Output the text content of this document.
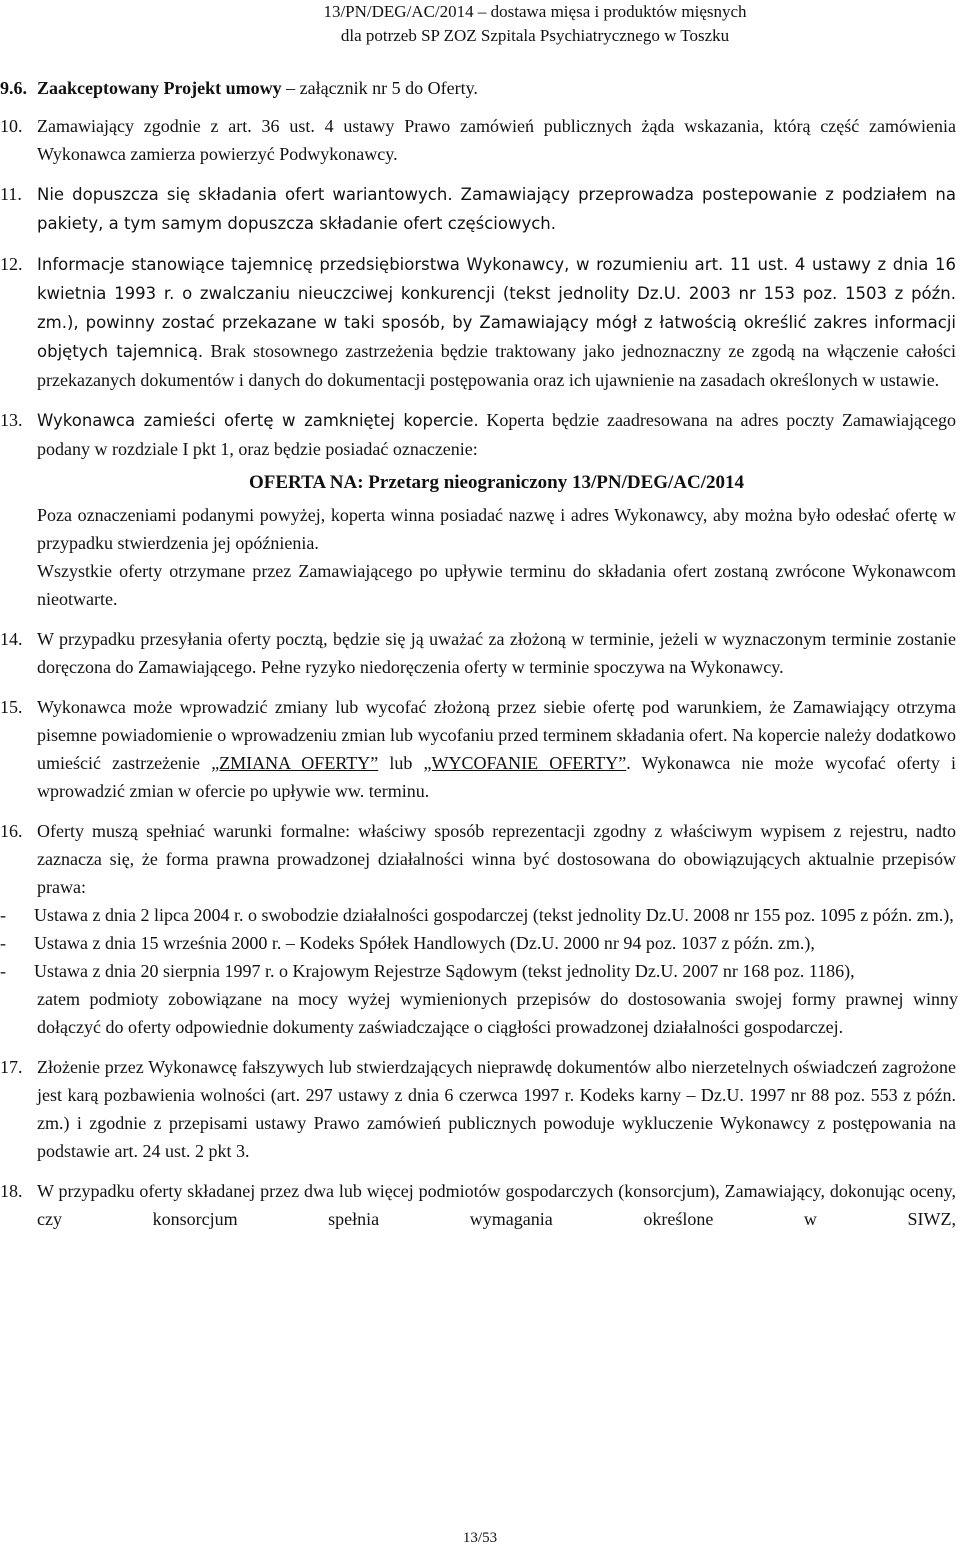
13/PN/DEG/AC/2014 – dostawa mięsa i produktów mięsnych
dla potrzeb SP ZOZ Szpitala Psychiatrycznego w Toszku
9.6. Zaakceptowany Projekt umowy – załącznik nr 5 do Oferty.
10. Zamawiający zgodnie z art. 36 ust. 4 ustawy Prawo zamówień publicznych żąda wskazania, którą część zamówienia Wykonawca zamierza powierzyć Podwykonawcy.

11. Nie dopuszcza się składania ofert wariantowych. Zamawiający przeprowadza postepowanie z podziałem na pakiety, a tym samym dopuszcza składanie ofert częściowych.

12. Informacje stanowiące tajemnicę przedsiębiorstwa Wykonawcy, w rozumieniu art. 11 ust. 4 ustawy z dnia 16 kwietnia 1993 r. o zwalczaniu nieuczciwej konkurencji (tekst jednolity Dz.U. 2003 nr 153 poz. 1503 z późn. zm.), powinny zostać przekazane w taki sposób, by Zamawiający mógł z łatwością określić zakres informacji objętych tajemnicą. Brak stosownego zastrzeżenia będzie traktowany jako jednoznaczny ze zgodą na włączenie całości przekazanych dokumentów i danych do dokumentacji postępowania oraz ich ujawnienie na zasadach określonych w ustawie.

13. Wykonawca zamieści ofertę w zamkniętej kopercie. Koperta będzie zaadresowana na adres poczty Zamawiającego podany w rozdziale I pkt 1, oraz będzie posiadać oznaczenie:

OFERTA NA: Przetarg nieograniczony 13/PN/DEG/AC/2014

Poza oznaczeniami podanymi powyżej, koperta winna posiadać nazwę i adres Wykonawcy, aby można było odesłać ofertę w przypadku stwierdzenia jej opóźnienia.

Wszystkie oferty otrzymane przez Zamawiającego po upływie terminu do składania ofert zostaną zwrócone Wykonawcom nieotwarte.

14. W przypadku przesyłania oferty pocztą, będzie się ją uważać za złożoną w terminie, jeżeli w wyznaczonym terminie zostanie doręczona do Zamawiającego. Pełne ryzyko niedoręczenia oferty w terminie spoczywa na Wykonawcy.

15. Wykonawca może wprowadzić zmiany lub wycofać złożoną przez siebie ofertę pod warunkiem, że Zamawiający otrzyma pisemne powiadomienie o wprowadzeniu zmian lub wycofaniu przed terminem składania ofert. Na kopercie należy dodatkowo umieścić zastrzeżenie „ZMIANA OFERTY” lub „WYCOFANIE OFERTY”. Wykonawca nie może wycofać oferty i wprowadzić zmian w ofercie po upływie ww. terminu.

16. Oferty muszą spełniać warunki formalne: właściwy sposób reprezentacji zgodny z właściwym wypisem z rejestru, nadto zaznacza się, że forma prawna prowadzonej działalności winna być dostosowana do obowiązujących aktualnie przepisów prawa:

-	Ustawa z dnia 2 lipca 2004 r. o swobodzie działalności gospodarczej (tekst jednolity Dz.U. 2008 nr 155 poz. 1095 z późn. zm.),

-	Ustawa z dnia 15 września 2000 r. – Kodeks Spółek Handlowych (Dz.U. 2000 nr 94 poz. 1037 z późn. zm.),

-	Ustawa z dnia 20 sierpnia 1997 r. o Krajowym Rejestrze Sądowym (tekst jednolity Dz.U. 2007 nr 168 poz. 1186),

zatem podmioty zobowiązane na mocy wyżej wymienionych przepisów do dostosowania swojej formy prawnej winny dołączyć do oferty odpowiednie dokumenty zaświadczające o ciągłości prowadzonej działalności gospodarczej.

17. Złożenie przez Wykonawcę fałszywych lub stwierdzających nieprawdę dokumentów albo nierzetelnych oświadczeń zagrożone jest karą pozbawienia wolności (art. 297 ustawy z dnia 6 czerwca 1997 r. Kodeks karny – Dz.U. 1997 nr 88 poz. 553 z późn. zm.) i zgodnie z przepisami ustawy Prawo zamówień publicznych powoduje wykluczenie Wykonawcy z postępowania na podstawie art. 24 ust. 2 pkt 3.

18. W przypadku oferty składanej przez dwa lub więcej podmiotów gospodarczych (konsorcjum), Zamawiający, dokonując oceny, czy konsorcjum spełnia wymagania określone w SIWZ,

13/53
